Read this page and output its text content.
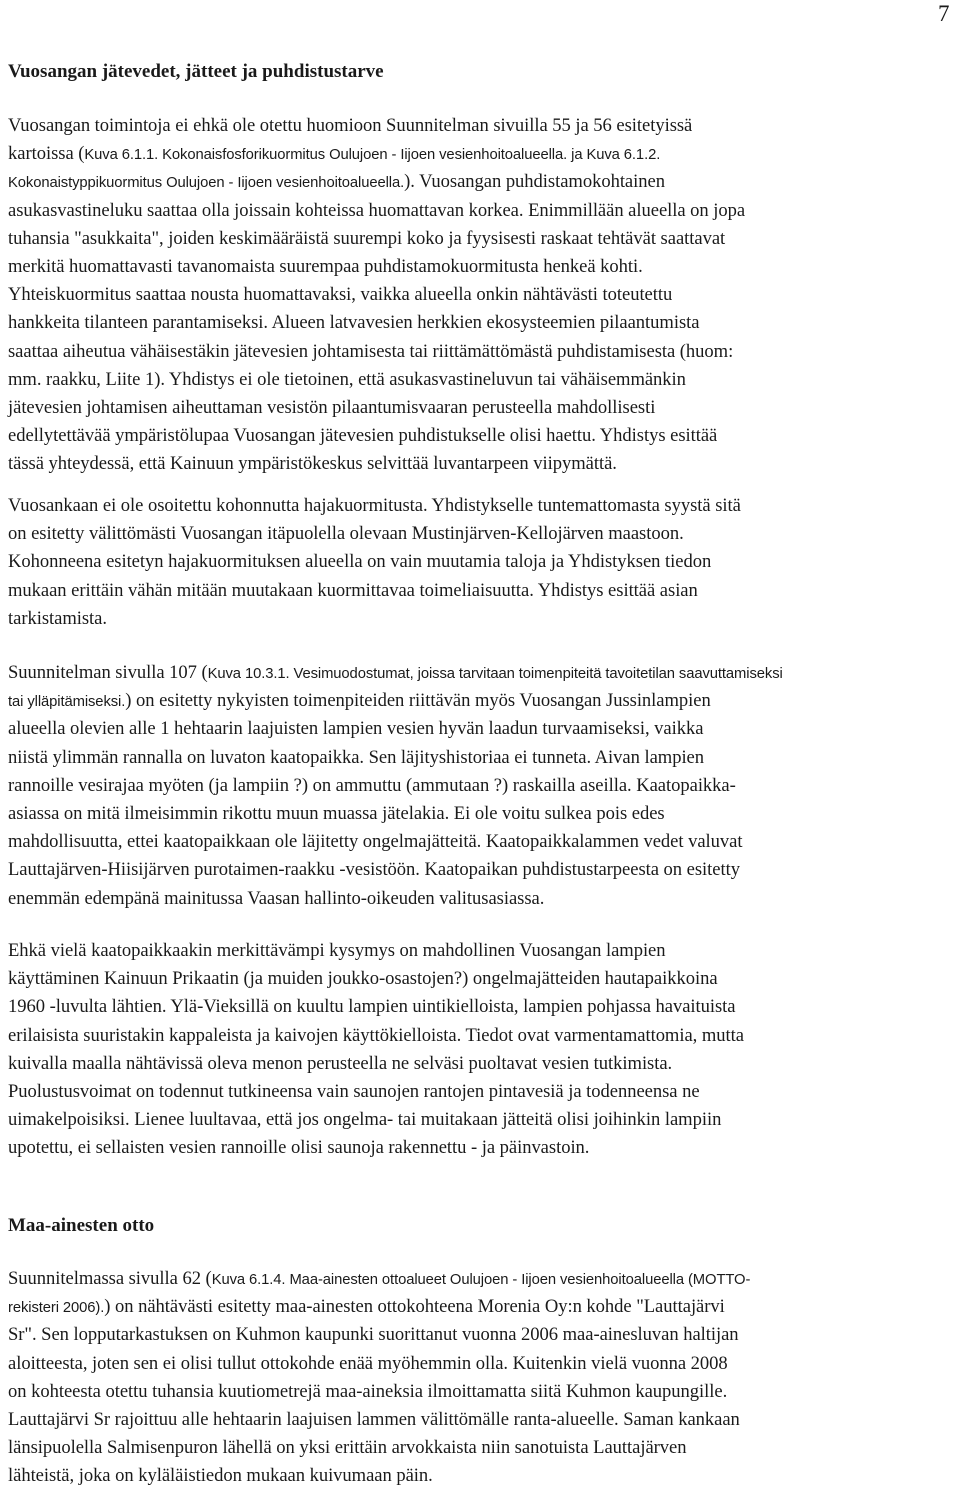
7
Vuosangan jätevedet, jätteet ja puhdistustarve
Vuosangan toimintoja ei ehkä ole otettu huomioon Suunnitelman sivuilla 55 ja 56 esitetyissä
kartoissa (Kuva 6.1.1. Kokonaisfosforikuormitus Oulujoen - Iijoen vesienhoitoalueella. ja Kuva 6.1.2.
Kokonaistyppikuormitus Oulujoen - Iijoen vesienhoitoalueella.). Vuosangan puhdistamokohtainen
asukasvastineluku saattaa olla joissain kohteissa huomattavan korkea. Enimmillään alueella on jopa
tuhansia "asukkaita", joiden keskimääräistä suurempi koko ja fyysisesti raskaat tehtävät saattavat
merkitä huomattavasti tavanomaista suurempaa puhdistamokuormitusta henkeä kohti.
Yhteiskuormitus saattaa nousta huomattavaksi, vaikka alueella onkin nähtävästi toteutettu
hankkeita tilanteen parantamiseksi. Alueen latvavesien herkkien ekosysteemien pilaantumista
saattaa aiheutua vähäisestäkin jätevesien johtamisesta tai riittämättömästä puhdistamisesta (huom:
mm. raakku, Liite 1). Yhdistys ei ole tietoinen, että asukasvastineluvun tai vähäisemmänkin
jätevesien johtamisen aiheuttaman vesistön pilaantumisvaaran perusteella mahdollisesti
edellytettävää ympäristölupaa Vuosangan jätevesien puhdistukselle olisi haettu. Yhdistys esittää
tässä yhteydessä, että Kainuun ympäristökeskus selvittää luvantarpeen viipymättä.
Vuosankaan ei ole osoitettu kohonnutta hajakuormitusta. Yhdistykselle tuntemattomasta syystä sitä
on esitetty välittömästi Vuosangan itäpuolella olevaan Mustinjärven-Kellojärven maastoon.
Kohonneena esitetyn hajakuormituksen alueella on vain muutamia taloja ja Yhdistyksen tiedon
mukaan erittäin vähän mitään muutakaan kuormittavaa toimeliaisuutta. Yhdistys esittää asian
tarkistamista.
Suunnitelman sivulla 107 (Kuva 10.3.1. Vesimuodostumat, joissa tarvitaan toimenpiteitä tavoitetilan saavuttamiseksi
tai ylläpitämiseksi.) on esitetty nykyisten toimenpiteiden riittävän myös Vuosangan Jussinlampien
alueella olevien alle 1 hehtaarin laajuisten lampien vesien hyvän laadun turvaamiseksi, vaikka
niistä ylimmän rannalla on luvaton kaatopaikka. Sen läjityshistoriaa ei tunneta. Aivan lampien
rannoille vesirajaa myöten (ja lampiin ?) on ammuttu (ammutaan ?) raskailla aseilla. Kaatopaikka-
asiassa on mitä ilmeisimmin rikottu muun muassa jätelakia. Ei ole voitu sulkea pois edes
mahdollisuutta, ettei kaatopaikkaan ole läjitetty ongelmajätteitä. Kaatopaikkalammen vedet valuvat
Lauttajärven-Hiisijärven purotaimen-raakku -vesistöön. Kaatopaikan puhdistustarpeesta on esitetty
enemmän edempänä mainitussa Vaasan hallinto-oikeuden valitusasiassa.
Ehkä vielä kaatopaikkaakin merkittävämpi kysymys on mahdollinen Vuosangan lampien
käyttäminen Kainuun Prikaatin (ja muiden joukko-osastojen?) ongelmajätteiden hautapaikkoina
1960 -luvulta lähtien. Ylä-Vieksillä on kuultu lampien uintikielloista, lampien pohjassa havaituista
erilaisista suuristakin kappaleista ja kaivojen käyttökielloista. Tiedot ovat varmentamattomia, mutta
kuivalla maalla nähtävissä oleva menon perusteella ne selväsi puoltavat vesien tutkimista.
Puolustusvoimat on todennut tutkineensa vain saunojen rantojen pintavesiä ja todenneensa ne
uimakelpoisiksi. Lienee luultavaa, että jos ongelma- tai muitakaan jätteitä olisi joihinkin lampiin
upotettu, ei sellaisten vesien rannoille olisi saunoja rakennettu - ja päinvastoin.
Maa-ainesten otto
Suunnitelmassa sivulla 62 (Kuva 6.1.4. Maa-ainesten ottoalueet Oulujoen - Iijoen vesienhoitoalueella (MOTTO-
rekisteri 2006).) on nähtävästi esitetty maa-ainesten ottokohteena Morenia Oy:n kohde "Lauttajärvi
Sr". Sen lopputarkastuksen on Kuhmon kaupunki suorittanut vuonna 2006 maa-ainesluvan haltijan
aloitteesta, joten sen ei olisi tullut ottokohde enää myöhemmin olla. Kuitenkin vielä vuonna 2008
on kohteesta otettu tuhansia kuutiometrejä maa-aineksia ilmoittamatta siitä Kuhmon kaupungille.
Lauttajärvi Sr rajoittuu alle hehtaarin laajuisen lammen välittömälle ranta-alueelle. Saman kankaan
länsipuolella Salmisenpuron lähellä on yksi erittäin arvokkaista niin sanotuista Lauttajärven
lähteistä, joka on kyläläistiedon mukaan kuivumaan päin.
